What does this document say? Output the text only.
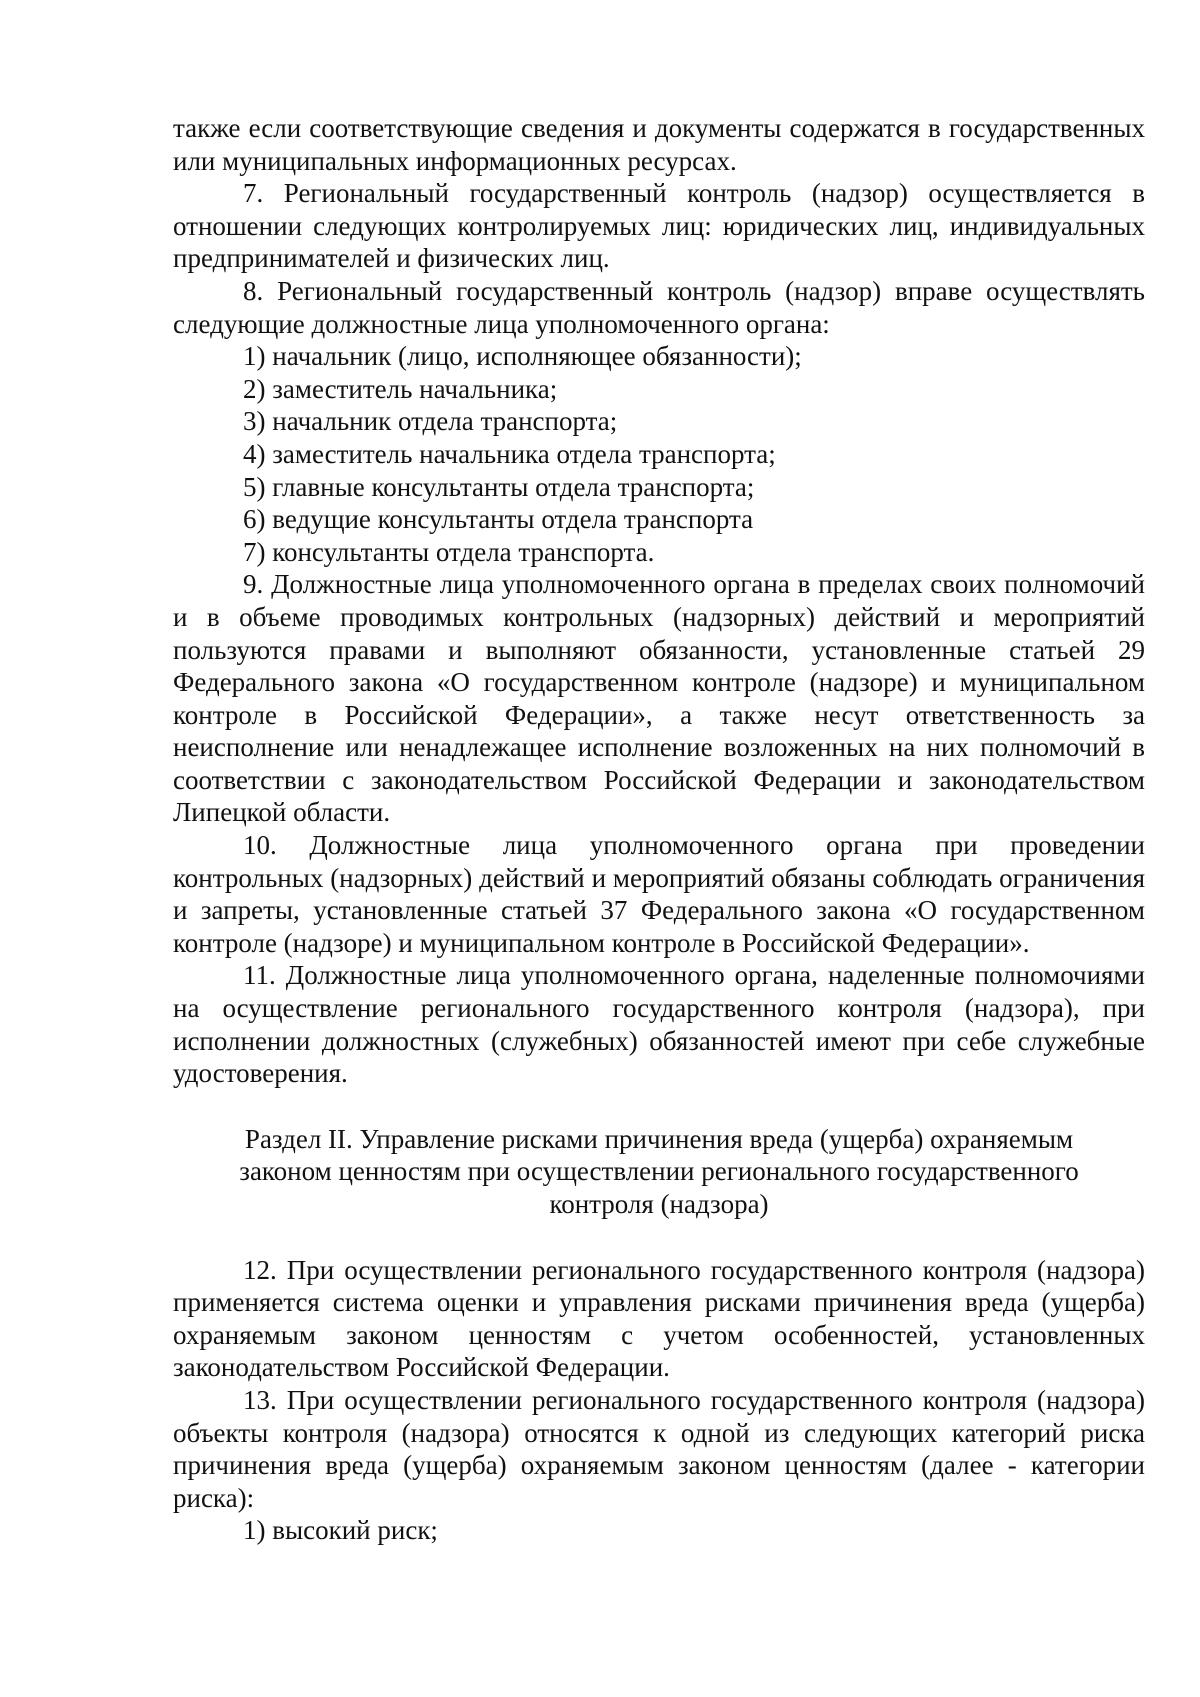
также если соответствующие сведения и документы содержатся в государственных или муниципальных информационных ресурсах.

7. Региональный государственный контроль (надзор) осуществляется в отношении следующих контролируемых лиц: юридических лиц, индивидуальных предпринимателей и физических лиц.

8. Региональный государственный контроль (надзор) вправе осуществлять следующие должностные лица уполномоченного органа:

1) начальник (лицо, исполняющее обязанности);

2) заместитель начальника;

3) начальник отдела транспорта;

4) заместитель начальника отдела транспорта;

5) главные консультанты отдела транспорта;

6) ведущие консультанты отдела транспорта

7) консультанты отдела транспорта.

9. Должностные лица уполномоченного органа в пределах своих полномочий и в объеме проводимых контрольных (надзорных) действий и мероприятий пользуются правами и выполняют обязанности, установленные статьей 29 Федерального закона «О государственном контроле (надзоре) и муниципальном контроле в Российской Федерации», а также несут ответственность за неисполнение или ненадлежащее исполнение возложенных на них полномочий в соответствии с законодательством Российской Федерации и законодательством Липецкой области.

10. Должностные лица уполномоченного органа при проведении контрольных (надзорных) действий и мероприятий обязаны соблюдать ограничения и запреты, установленные статьей 37 Федерального закона «О государственном контроле (надзоре) и муниципальном контроле в Российской Федерации».

11. Должностные лица уполномоченного органа, наделенные полномочиями на осуществление регионального государственного контроля (надзора), при исполнении должностных (служебных) обязанностей имеют при себе служебные удостоверения.

Раздел II. Управление рисками причинения вреда (ущерба) охраняемым законом ценностям при осуществлении регионального государственного контроля (надзора)

12. При осуществлении регионального государственного контроля (надзора) применяется система оценки и управления рисками причинения вреда (ущерба) охраняемым законом ценностям с учетом особенностей, установленных законодательством Российской Федерации.

13. При осуществлении регионального государственного контроля (надзора) объекты контроля (надзора) относятся к одной из следующих категорий риска причинения вреда (ущерба) охраняемым законом ценностям (далее - категории риска):

1) высокий риск;
